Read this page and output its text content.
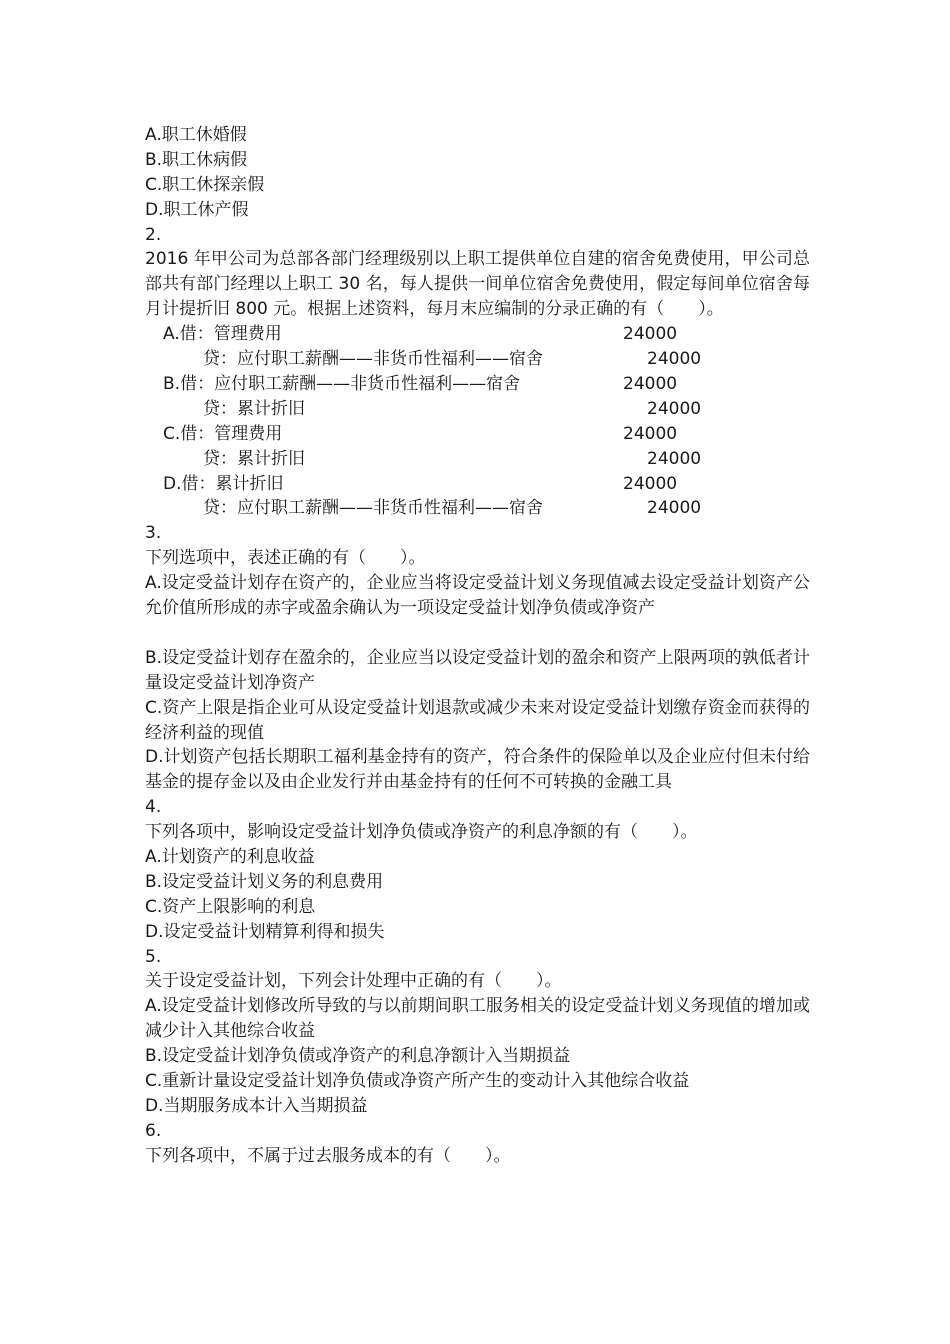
A.职工休婚假
B.职工休病假
C.职工休探亲假
D.职工休产假
2.
2016 年甲公司为总部各部门经理级别以上职工提供单位自建的宿舍免费使用，甲公司总部共有部门经理以上职工 30 名，每人提供一间单位宿舍免费使用，假定每间单位宿舍每月计提折旧 800 元。根据上述资料，每月末应编制的分录正确的有（　　）。
A.借：管理费用	24000
贷：应付职工薪酬——非货币性福利——宿舍	24000
B.借：应付职工薪酬——非货币性福利——宿舍	24000
贷：累计折旧	24000
C.借：管理费用	24000
贷：累计折旧	24000
D.借：累计折旧	24000
贷：应付职工薪酬——非货币性福利——宿舍	24000
3.
下列选项中，表述正确的有（　　）。
A.设定受益计划存在资产的，企业应当将设定受益计划义务现值减去设定受益计划资产公允价值所形成的赤字或盈余确认为一项设定受益计划净负债或净资产
B.设定受益计划存在盈余的，企业应当以设定受益计划的盈余和资产上限两项的孰低者计量设定受益计划净资产
C.资产上限是指企业可从设定受益计划退款或减少未来对设定受益计划缴存资金而获得的经济利益的现值
D.计划资产包括长期职工福利基金持有的资产，符合条件的保险单以及企业应付但未付给基金的提存金以及由企业发行并由基金持有的任何不可转换的金融工具
4.
下列各项中，影响设定受益计划净负债或净资产的利息净额的有（　　）。
A.计划资产的利息收益
B.设定受益计划义务的利息费用
C.资产上限影响的利息
D.设定受益计划精算利得和损失
5.
关于设定受益计划，下列会计处理中正确的有（　　）。
A.设定受益计划修改所导致的与以前期间职工服务相关的设定受益计划义务现值的增加或减少计入其他综合收益
B.设定受益计划净负债或净资产的利息净额计入当期损益
C.重新计量设定受益计划净负债或净资产所产生的变动计入其他综合收益
D.当期服务成本计入当期损益
6.
下列各项中，不属于过去服务成本的有（　　）。
